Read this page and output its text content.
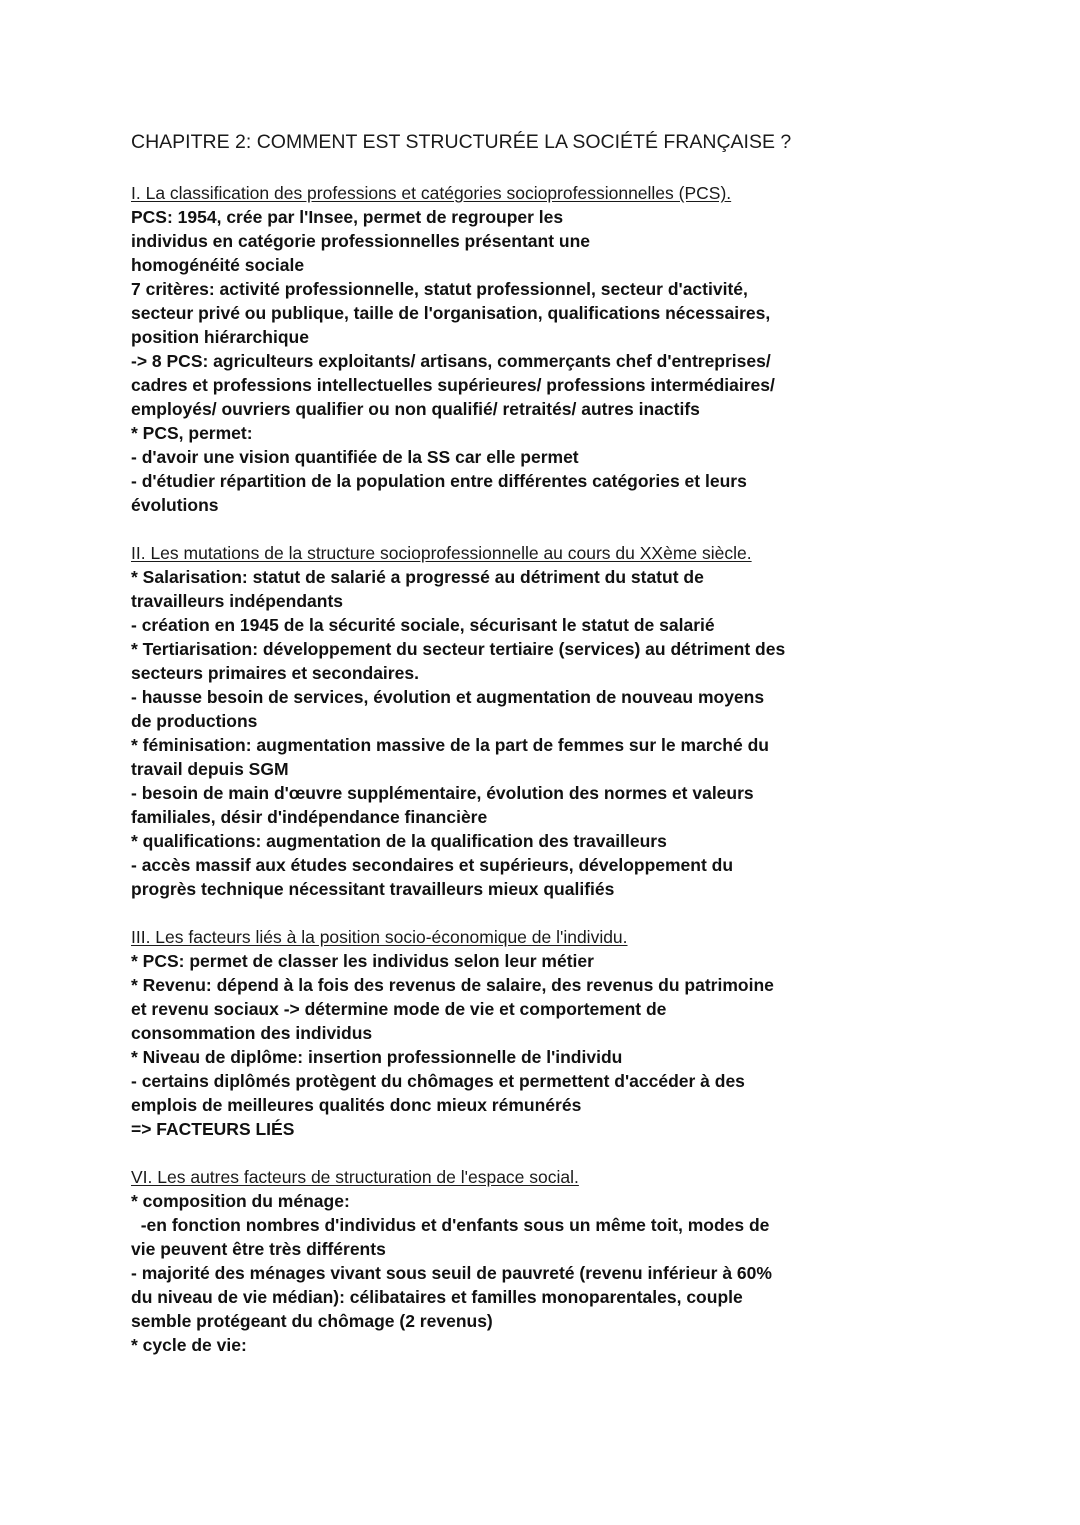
CHAPITRE 2: COMMENT EST STRUCTURÉE LA SOCIÉTÉ FRANÇAISE ?
I. La classification des professions et catégories socioprofessionnelles (PCS).
PCS: 1954, crée par l'Insee, permet de regrouper les
individus en catégorie professionnelles présentant une
homogénéité sociale
7 critères: activité professionnelle, statut professionnel, secteur d'activité,
secteur privé ou publique, taille de l'organisation, qualifications nécessaires,
position hiérarchique
-> 8 PCS: agriculteurs exploitants/ artisans, commerçants chef d'entreprises/
cadres et professions intellectuelles supérieures/ professions intermédiaires/
employés/ ouvriers qualifier ou non qualifié/ retraités/ autres inactifs
* PCS, permet:
- d'avoir une vision quantifiée de la SS car elle permet
- d'étudier répartition de la population entre différentes catégories et leurs
évolutions
II. Les mutations de la structure socioprofessionnelle au cours du XXème siècle.
* Salarisation: statut de salarié a progressé au détriment du statut de
travailleurs indépendants
- création en 1945 de la sécurité sociale, sécurisant le statut de salarié
* Tertiarisation: développement du secteur tertiaire (services) au détriment des
secteurs primaires et secondaires.
- hausse besoin de services, évolution et augmentation de nouveau moyens
de productions
* féminisation: augmentation massive de la part de femmes sur le marché du
travail depuis SGM
- besoin de main d'œuvre supplémentaire, évolution des normes et valeurs
familiales, désir d'indépendance financière
* qualifications: augmentation de la qualification des travailleurs
- accès massif aux études secondaires et supérieurs, développement du
progrès technique nécessitant travailleurs mieux qualifiés
III. Les facteurs liés à la position socio-économique de l'individu.
* PCS: permet de classer les individus selon leur métier
* Revenu: dépend à la fois des revenus de salaire, des revenus du patrimoine
et revenu sociaux -> détermine mode de vie et comportement de
consommation des individus
* Niveau de diplôme: insertion professionnelle de l'individu
- certains diplômés protègent du chômages et permettent d'accéder à des
emplois de meilleures qualités donc mieux rémunérés
=> FACTEURS LIÉS
VI. Les autres facteurs de structuration de l'espace social.
* composition du ménage:
-en fonction nombres d'individus et d'enfants sous un même toit, modes de
vie peuvent être très différents
- majorité des ménages vivant sous seuil de pauvreté (revenu inférieur à 60%
du niveau de vie médian): célibataires et familles monoparentales, couple
semble protégeant du chômage (2 revenus)
* cycle de vie:
